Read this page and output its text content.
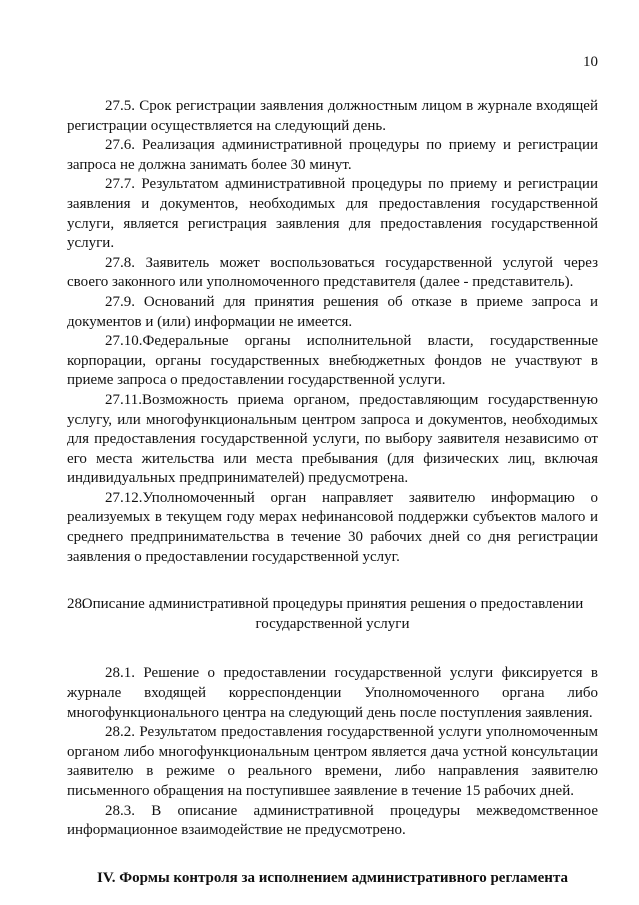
10

27.5. Срок регистрации заявления должностным лицом в журнале входящей регистрации осуществляется на следующий день.

27.6. Реализация административной процедуры по приему и регистрации запроса не должна занимать более 30 минут.

27.7. Результатом административной процедуры по приему и регистрации заявления и документов, необходимых для предоставления государственной услуги, является регистрация заявления для предоставления государственной услуги.

27.8. Заявитель может воспользоваться государственной услугой через своего законного или уполномоченного представителя (далее - представитель).

27.9. Оснований для принятия решения об отказе в приеме запроса и документов и (или) информации не имеется.

27.10.Федеральные органы исполнительной власти, государственные корпорации, органы государственных внебюджетных фондов не участвуют в приеме запроса о предоставлении государственной услуги.

27.11.Возможность приема органом, предоставляющим государственную услугу, или многофункциональным центром запроса и документов, необходимых для предоставления государственной услуги, по выбору заявителя независимо от его места жительства или места пребывания (для физических лиц, включая индивидуальных предпринимателей) предусмотрена.

27.12.Уполномоченный орган направляет заявителю информацию о реализуемых в текущем году мерах нефинансовой поддержки субъектов малого и среднего предпринимательства в течение 30 рабочих дней со дня регистрации заявления о предоставлении государственной услуг.

28.
Описание административной процедуры принятия решения о предоставлении государственной услуги

28.1. Решение о предоставлении государственной услуги фиксируется в журнале входящей корреспонденции Уполномоченного органа либо многофункционального центра на следующий день после поступления заявления.

28.2. Результатом предоставления государственной услуги уполномоченным органом либо многофункциональным центром является дача устной консультации заявителю в режиме о реального времени, либо направления заявителю письменного обращения на поступившее заявление в течение 15 рабочих дней.

28.3. В описание административной процедуры межведомственное информационное взаимодействие не предусмотрено.

IV. Формы контроля за исполнением административного регламента
